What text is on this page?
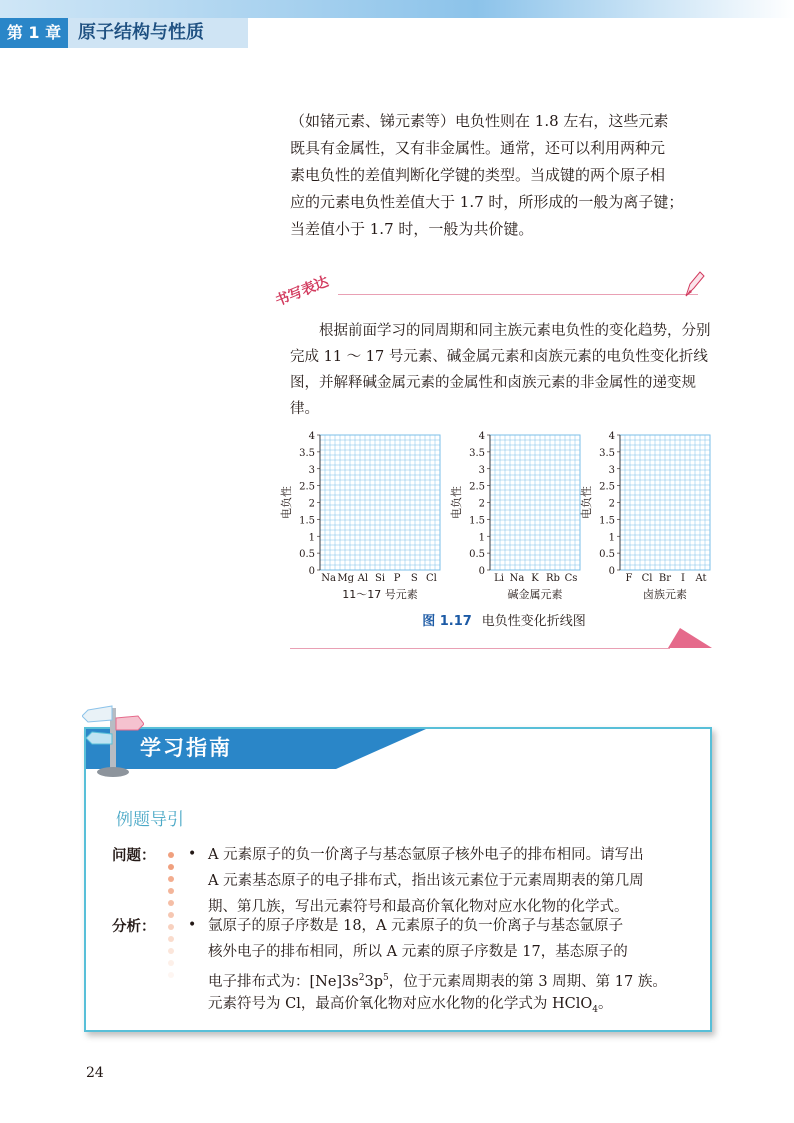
第 1 章 原子结构与性质
（如锗元素、锑元素等）电负性则在 1.8 左右，这些元素
既具有金属性，又有非金属性。通常，还可以利用两种元
素电负性的差值判断化学键的类型。当成键的两个原子相
应的元素电负性差值大于 1.7 时，所形成的一般为离子键；
当差值小于 1.7 时，一般为共价键。
书写表达
根据前面学习的同周期和同主族元素电负性的变化趋势，分别完成 11 ～ 17 号元素、碱金属元素和卤族元素的电负性变化折线图，并解释碱金属元素的金属性和卤族元素的非金属性的递变规律。
0
0.5
1
1.5
2
2.5
3
3.5
4
电负性
Na Mg Al Si P S Cl
11～17 号元素
0
0.5
1
1.5
2
2.5
3
3.5
4
电负性
Li Na K Rb Cs
碱金属元素
0
0.5
1
1.5
2
2.5
3
3.5
4
电负性
F Cl Br I At
卤族元素
图 1.17 电负性变化折线图
学习指南
例题导引
问题： • A 元素原子的负一价离子与基态氩原子核外电子的排布相同。请写出
A 元素基态原子的电子排布式，指出该元素位于元素周期表的第几周
期、第几族，写出元素符号和最高价氧化物对应水化物的化学式。
分析： • 氩原子的原子序数是 18，A 元素原子的负一价离子与基态氩原子
核外电子的排布相同，所以 A 元素的原子序数是 17，基态原子的
电子排布式为：$[Ne]3s^23p^5$，位于元素周期表的第 3 周期、第 17 族。
元素符号为 Cl，最高价氧化物对应水化物的化学式为 HClO$_4$。
24
